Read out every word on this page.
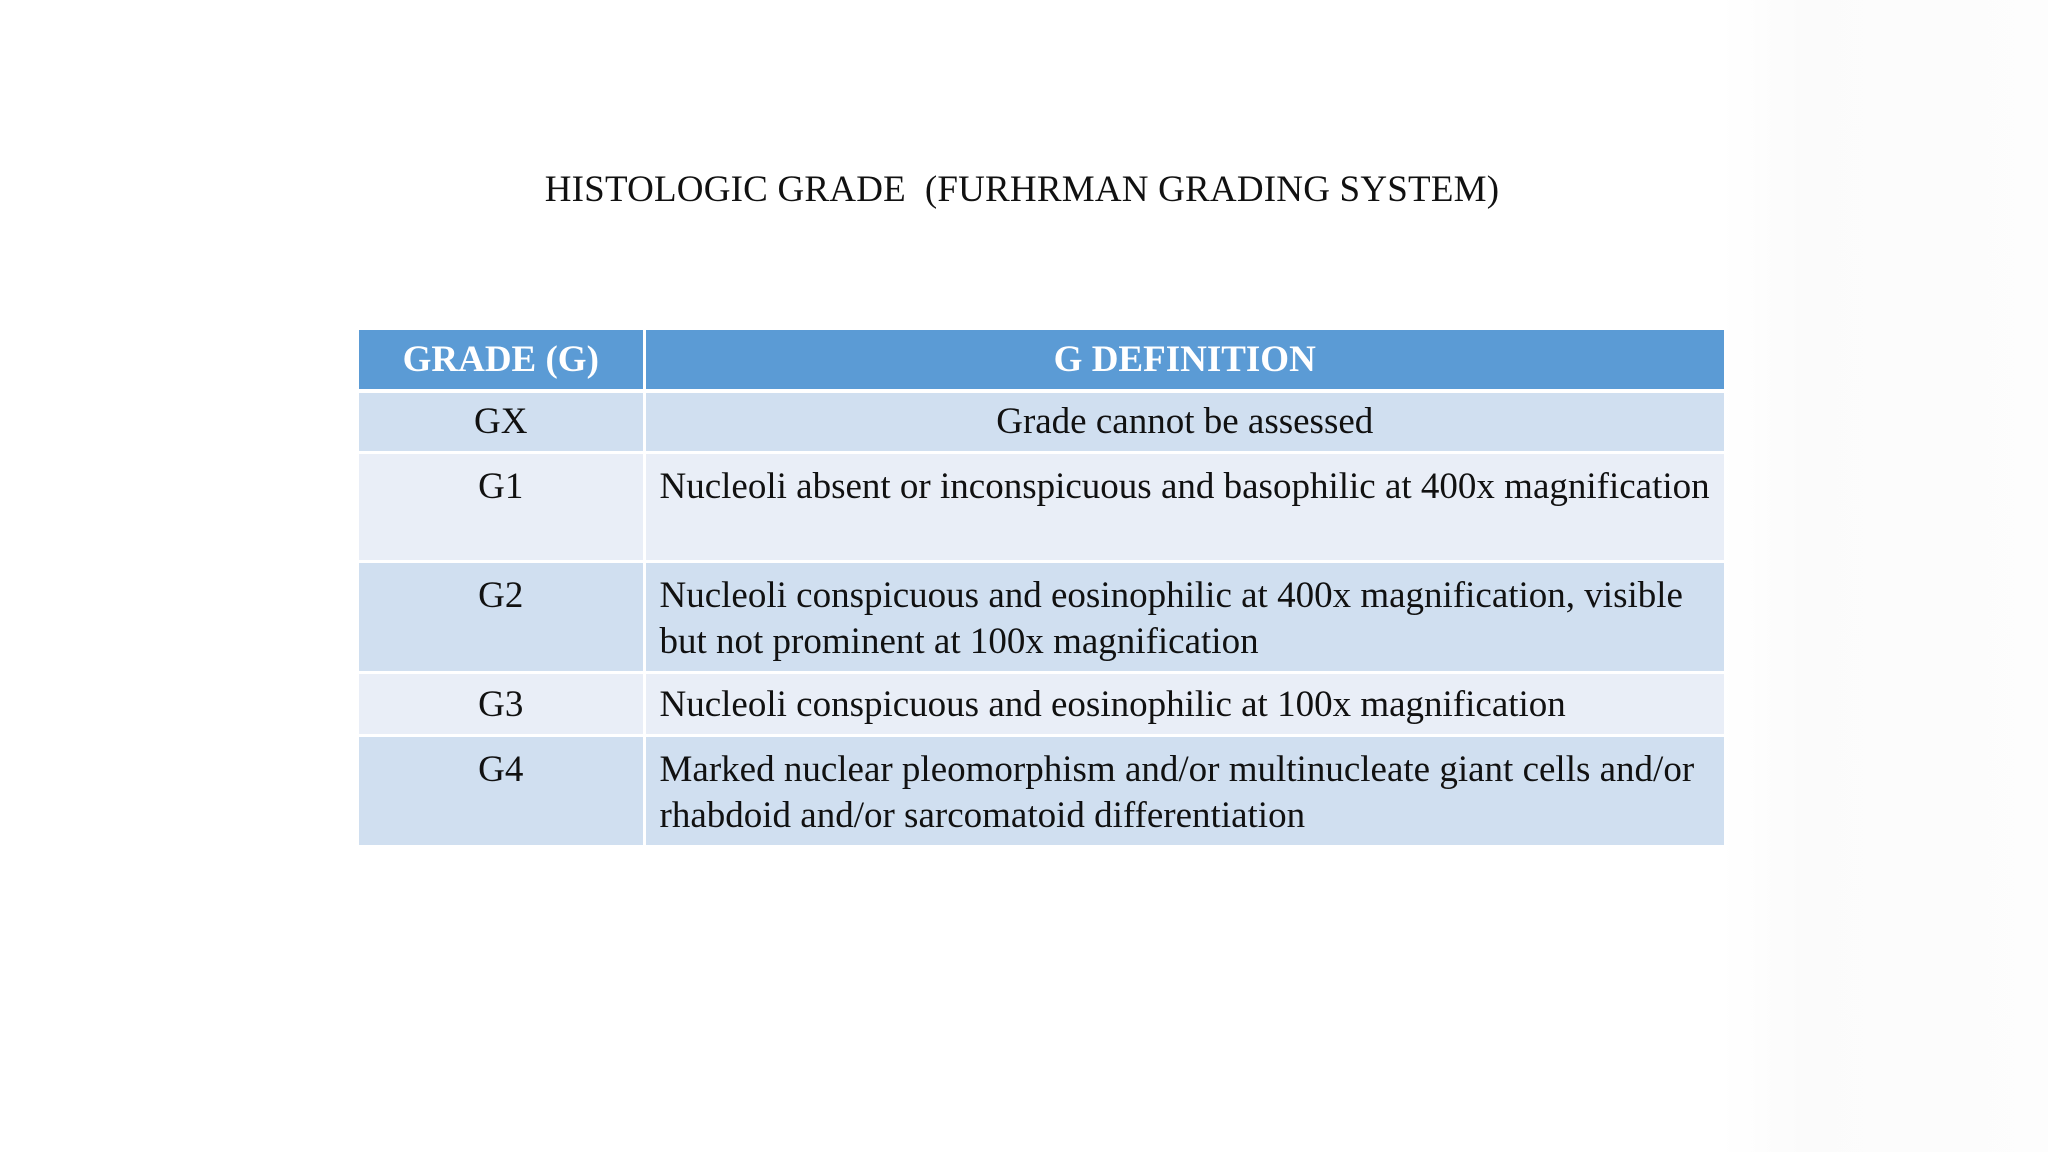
HISTOLOGIC GRADE  (FURHRMAN GRADING SYSTEM)
GRADE (G)	G DEFINITION
GX	Grade cannot be assessed
G1	Nucleoli absent or inconspicuous and basophilic at 400x magnification
G2	Nucleoli conspicuous and eosinophilic at 400x magnification, visible but not prominent at 100x magnification
G3	Nucleoli conspicuous and eosinophilic at 100x magnification
G4	Marked nuclear pleomorphism and/or multinucleate giant cells and/or rhabdoid and/or sarcomatoid differentiation
